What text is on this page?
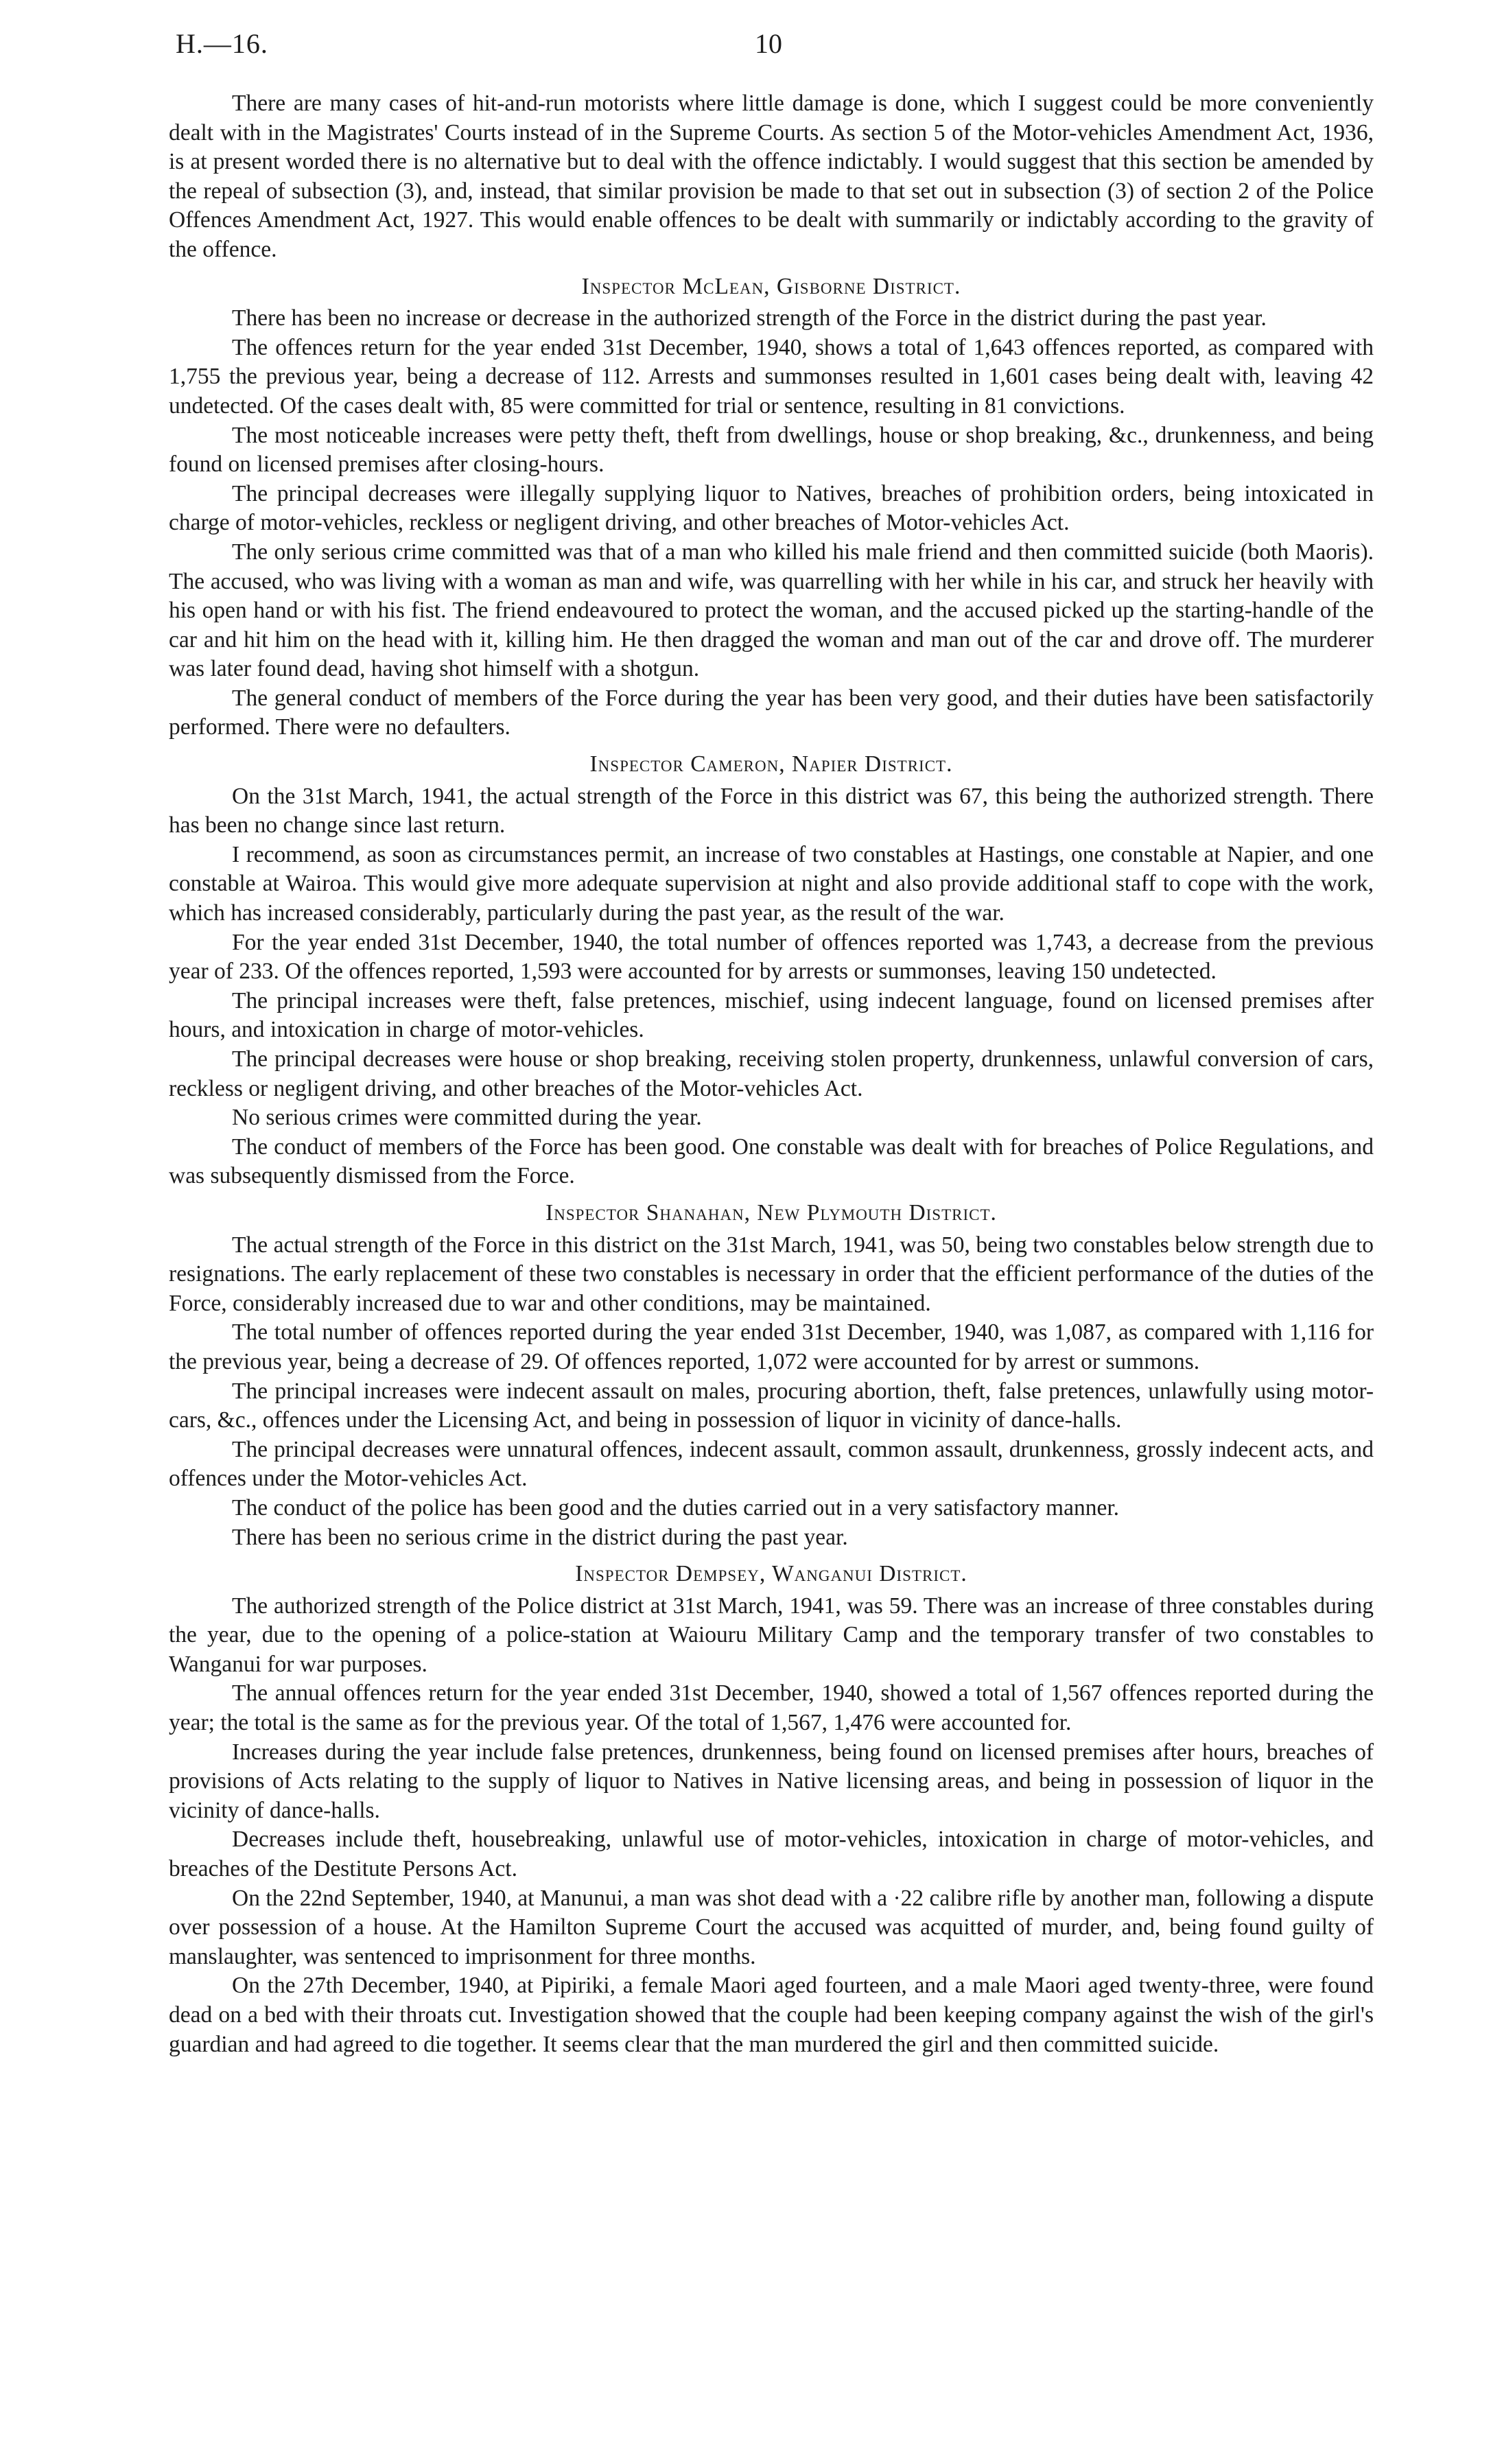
H.—16.	10

There are many cases of hit-and-run motorists where little damage is done, which I suggest could be more conveniently dealt with in the Magistrates' Courts instead of in the Supreme Courts. As section 5 of the Motor-vehicles Amendment Act, 1936, is at present worded there is no alternative but to deal with the offence indictably. I would suggest that this section be amended by the repeal of subsection (3), and, instead, that similar provision be made to that set out in subsection (3) of section 2 of the Police Offences Amendment Act, 1927. This would enable offences to be dealt with summarily or indictably according to the gravity of the offence.

Inspector McLean, Gisborne District.

There has been no increase or decrease in the authorized strength of the Force in the district during the past year.

The offences return for the year ended 31st December, 1940, shows a total of 1,643 offences reported, as compared with 1,755 the previous year, being a decrease of 112. Arrests and summonses resulted in 1,601 cases being dealt with, leaving 42 undetected. Of the cases dealt with, 85 were committed for trial or sentence, resulting in 81 convictions.

The most noticeable increases were petty theft, theft from dwellings, house or shop breaking, &c., drunkenness, and being found on licensed premises after closing-hours.

The principal decreases were illegally supplying liquor to Natives, breaches of prohibition orders, being intoxicated in charge of motor-vehicles, reckless or negligent driving, and other breaches of Motor-vehicles Act.

The only serious crime committed was that of a man who killed his male friend and then committed suicide (both Maoris). The accused, who was living with a woman as man and wife, was quarrelling with her while in his car, and struck her heavily with his open hand or with his fist. The friend endeavoured to protect the woman, and the accused picked up the starting-handle of the car and hit him on the head with it, killing him. He then dragged the woman and man out of the car and drove off. The murderer was later found dead, having shot himself with a shotgun.

The general conduct of members of the Force during the year has been very good, and their duties have been satisfactorily performed. There were no defaulters.

Inspector Cameron, Napier District.

On the 31st March, 1941, the actual strength of the Force in this district was 67, this being the authorized strength. There has been no change since last return.

I recommend, as soon as circumstances permit, an increase of two constables at Hastings, one constable at Napier, and one constable at Wairoa. This would give more adequate supervision at night and also provide additional staff to cope with the work, which has increased considerably, particularly during the past year, as the result of the war.

For the year ended 31st December, 1940, the total number of offences reported was 1,743, a decrease from the previous year of 233. Of the offences reported, 1,593 were accounted for by arrests or summonses, leaving 150 undetected.

The principal increases were theft, false pretences, mischief, using indecent language, found on licensed premises after hours, and intoxication in charge of motor-vehicles.

The principal decreases were house or shop breaking, receiving stolen property, drunkenness, unlawful conversion of cars, reckless or negligent driving, and other breaches of the Motor-vehicles Act.

No serious crimes were committed during the year.

The conduct of members of the Force has been good. One constable was dealt with for breaches of Police Regulations, and was subsequently dismissed from the Force.

Inspector Shanahan, New Plymouth District.

The actual strength of the Force in this district on the 31st March, 1941, was 50, being two constables below strength due to resignations. The early replacement of these two constables is necessary in order that the efficient performance of the duties of the Force, considerably increased due to war and other conditions, may be maintained.

The total number of offences reported during the year ended 31st December, 1940, was 1,087, as compared with 1,116 for the previous year, being a decrease of 29. Of offences reported, 1,072 were accounted for by arrest or summons.

The principal increases were indecent assault on males, procuring abortion, theft, false pretences, unlawfully using motor-cars, &c., offences under the Licensing Act, and being in possession of liquor in vicinity of dance-halls.

The principal decreases were unnatural offences, indecent assault, common assault, drunkenness, grossly indecent acts, and offences under the Motor-vehicles Act.

The conduct of the police has been good and the duties carried out in a very satisfactory manner.

There has been no serious crime in the district during the past year.

Inspector Dempsey, Wanganui District.

The authorized strength of the Police district at 31st March, 1941, was 59. There was an increase of three constables during the year, due to the opening of a police-station at Waiouru Military Camp and the temporary transfer of two constables to Wanganui for war purposes.

The annual offences return for the year ended 31st December, 1940, showed a total of 1,567 offences reported during the year; the total is the same as for the previous year. Of the total of 1,567, 1,476 were accounted for.

Increases during the year include false pretences, drunkenness, being found on licensed premises after hours, breaches of provisions of Acts relating to the supply of liquor to Natives in Native licensing areas, and being in possession of liquor in the vicinity of dance-halls.

Decreases include theft, housebreaking, unlawful use of motor-vehicles, intoxication in charge of motor-vehicles, and breaches of the Destitute Persons Act.

On the 22nd September, 1940, at Manunui, a man was shot dead with a ·22 calibre rifle by another man, following a dispute over possession of a house. At the Hamilton Supreme Court the accused was acquitted of murder, and, being found guilty of manslaughter, was sentenced to imprisonment for three months.

On the 27th December, 1940, at Pipiriki, a female Maori aged fourteen, and a male Maori aged twenty-three, were found dead on a bed with their throats cut. Investigation showed that the couple had been keeping company against the wish of the girl's guardian and had agreed to die together. It seems clear that the man murdered the girl and then committed suicide.
